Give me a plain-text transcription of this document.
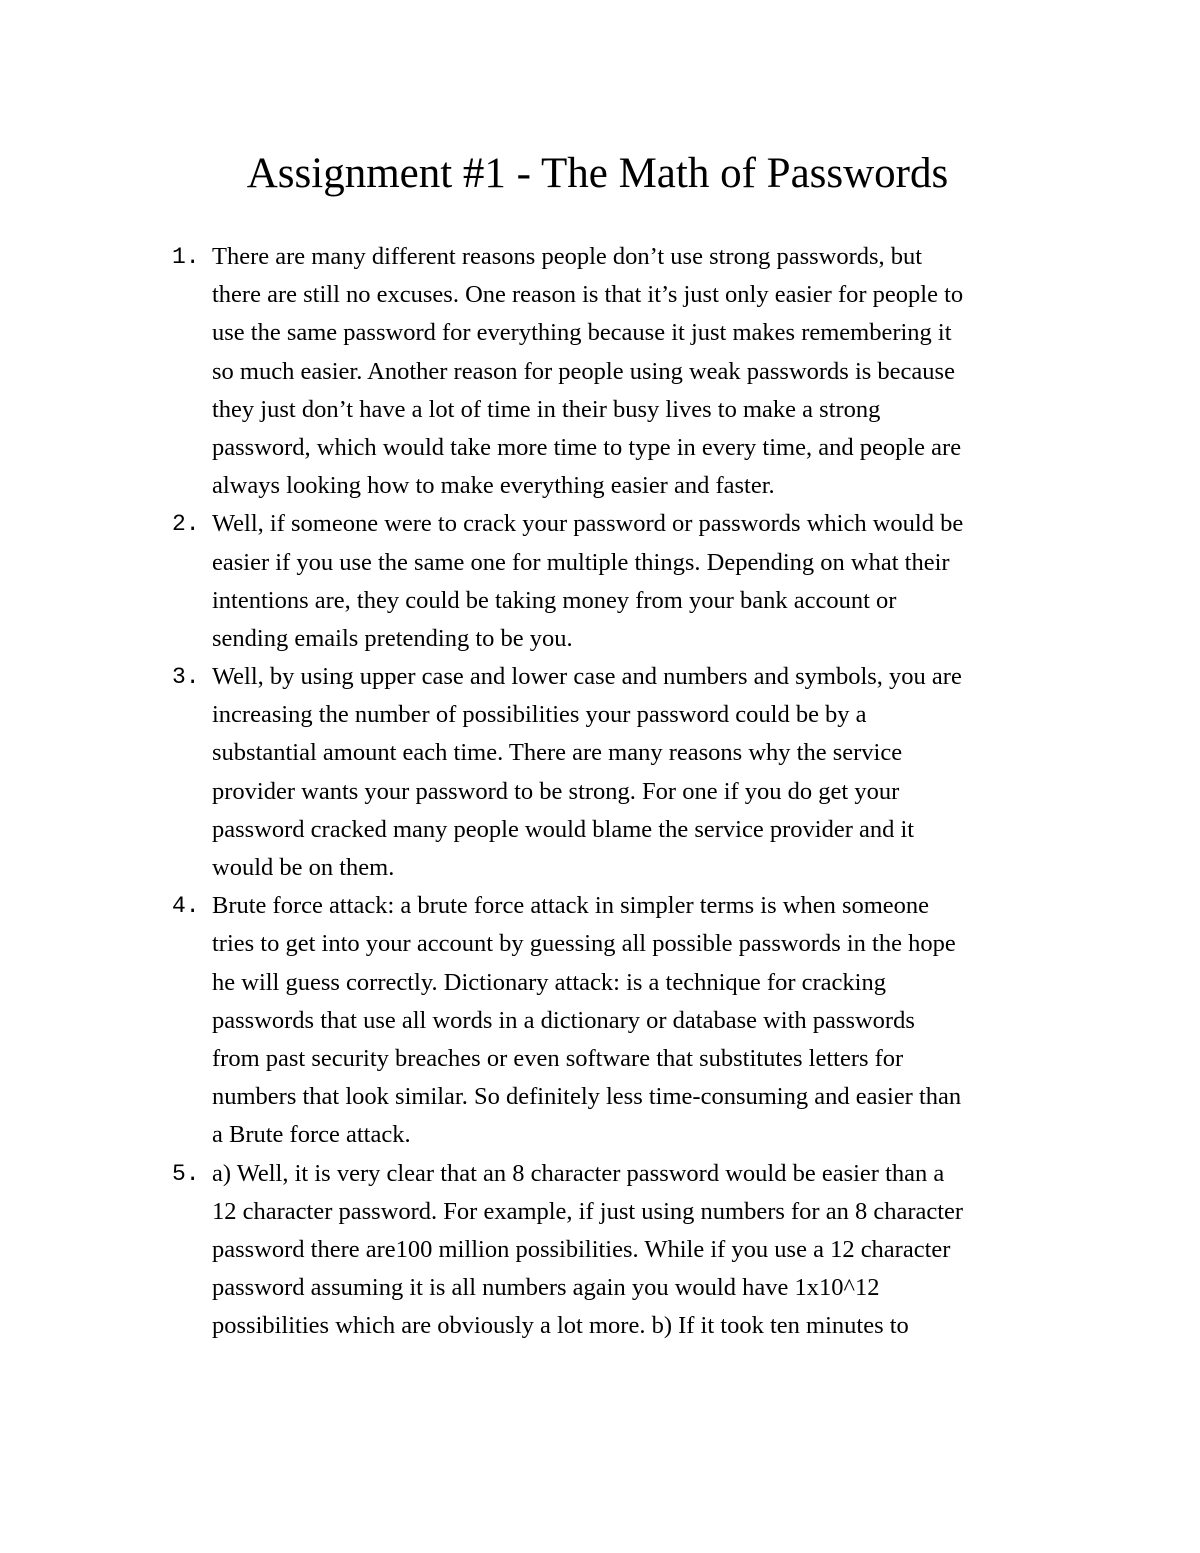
Assignment #1 - The Math of Passwords
1. There are many different reasons people don’t use strong passwords, but
there are still no excuses. One reason is that it’s just only easier for people to
use the same password for everything because it just makes remembering it
so much easier. Another reason for people using weak passwords is because
they just don’t have a lot of time in their busy lives to make a strong
password, which would take more time to type in every time, and people are
always looking how to make everything easier and faster.
2. Well, if someone were to crack your password or passwords which would be
easier if you use the same one for multiple things. Depending on what their
intentions are, they could be taking money from your bank account or
sending emails pretending to be you.
3. Well, by using upper case and lower case and numbers and symbols, you are
increasing the number of possibilities your password could be by a
substantial amount each time. There are many reasons why the service
provider wants your password to be strong. For one if you do get your
password cracked many people would blame the service provider and it
would be on them.
4. Brute force attack: a brute force attack in simpler terms is when someone
tries to get into your account by guessing all possible passwords in the hope
he will guess correctly. Dictionary attack: is a technique for cracking
passwords that use all words in a dictionary or database with passwords
from past security breaches or even software that substitutes letters for
numbers that look similar. So definitely less time-consuming and easier than
a Brute force attack.
5. a) Well, it is very clear that an 8 character password would be easier than a
12 character password. For example, if just using numbers for an 8 character
password there are100 million possibilities. While if you use a 12 character
password assuming it is all numbers again you would have 1x10^12
possibilities which are obviously a lot more. b) If it took ten minutes to
